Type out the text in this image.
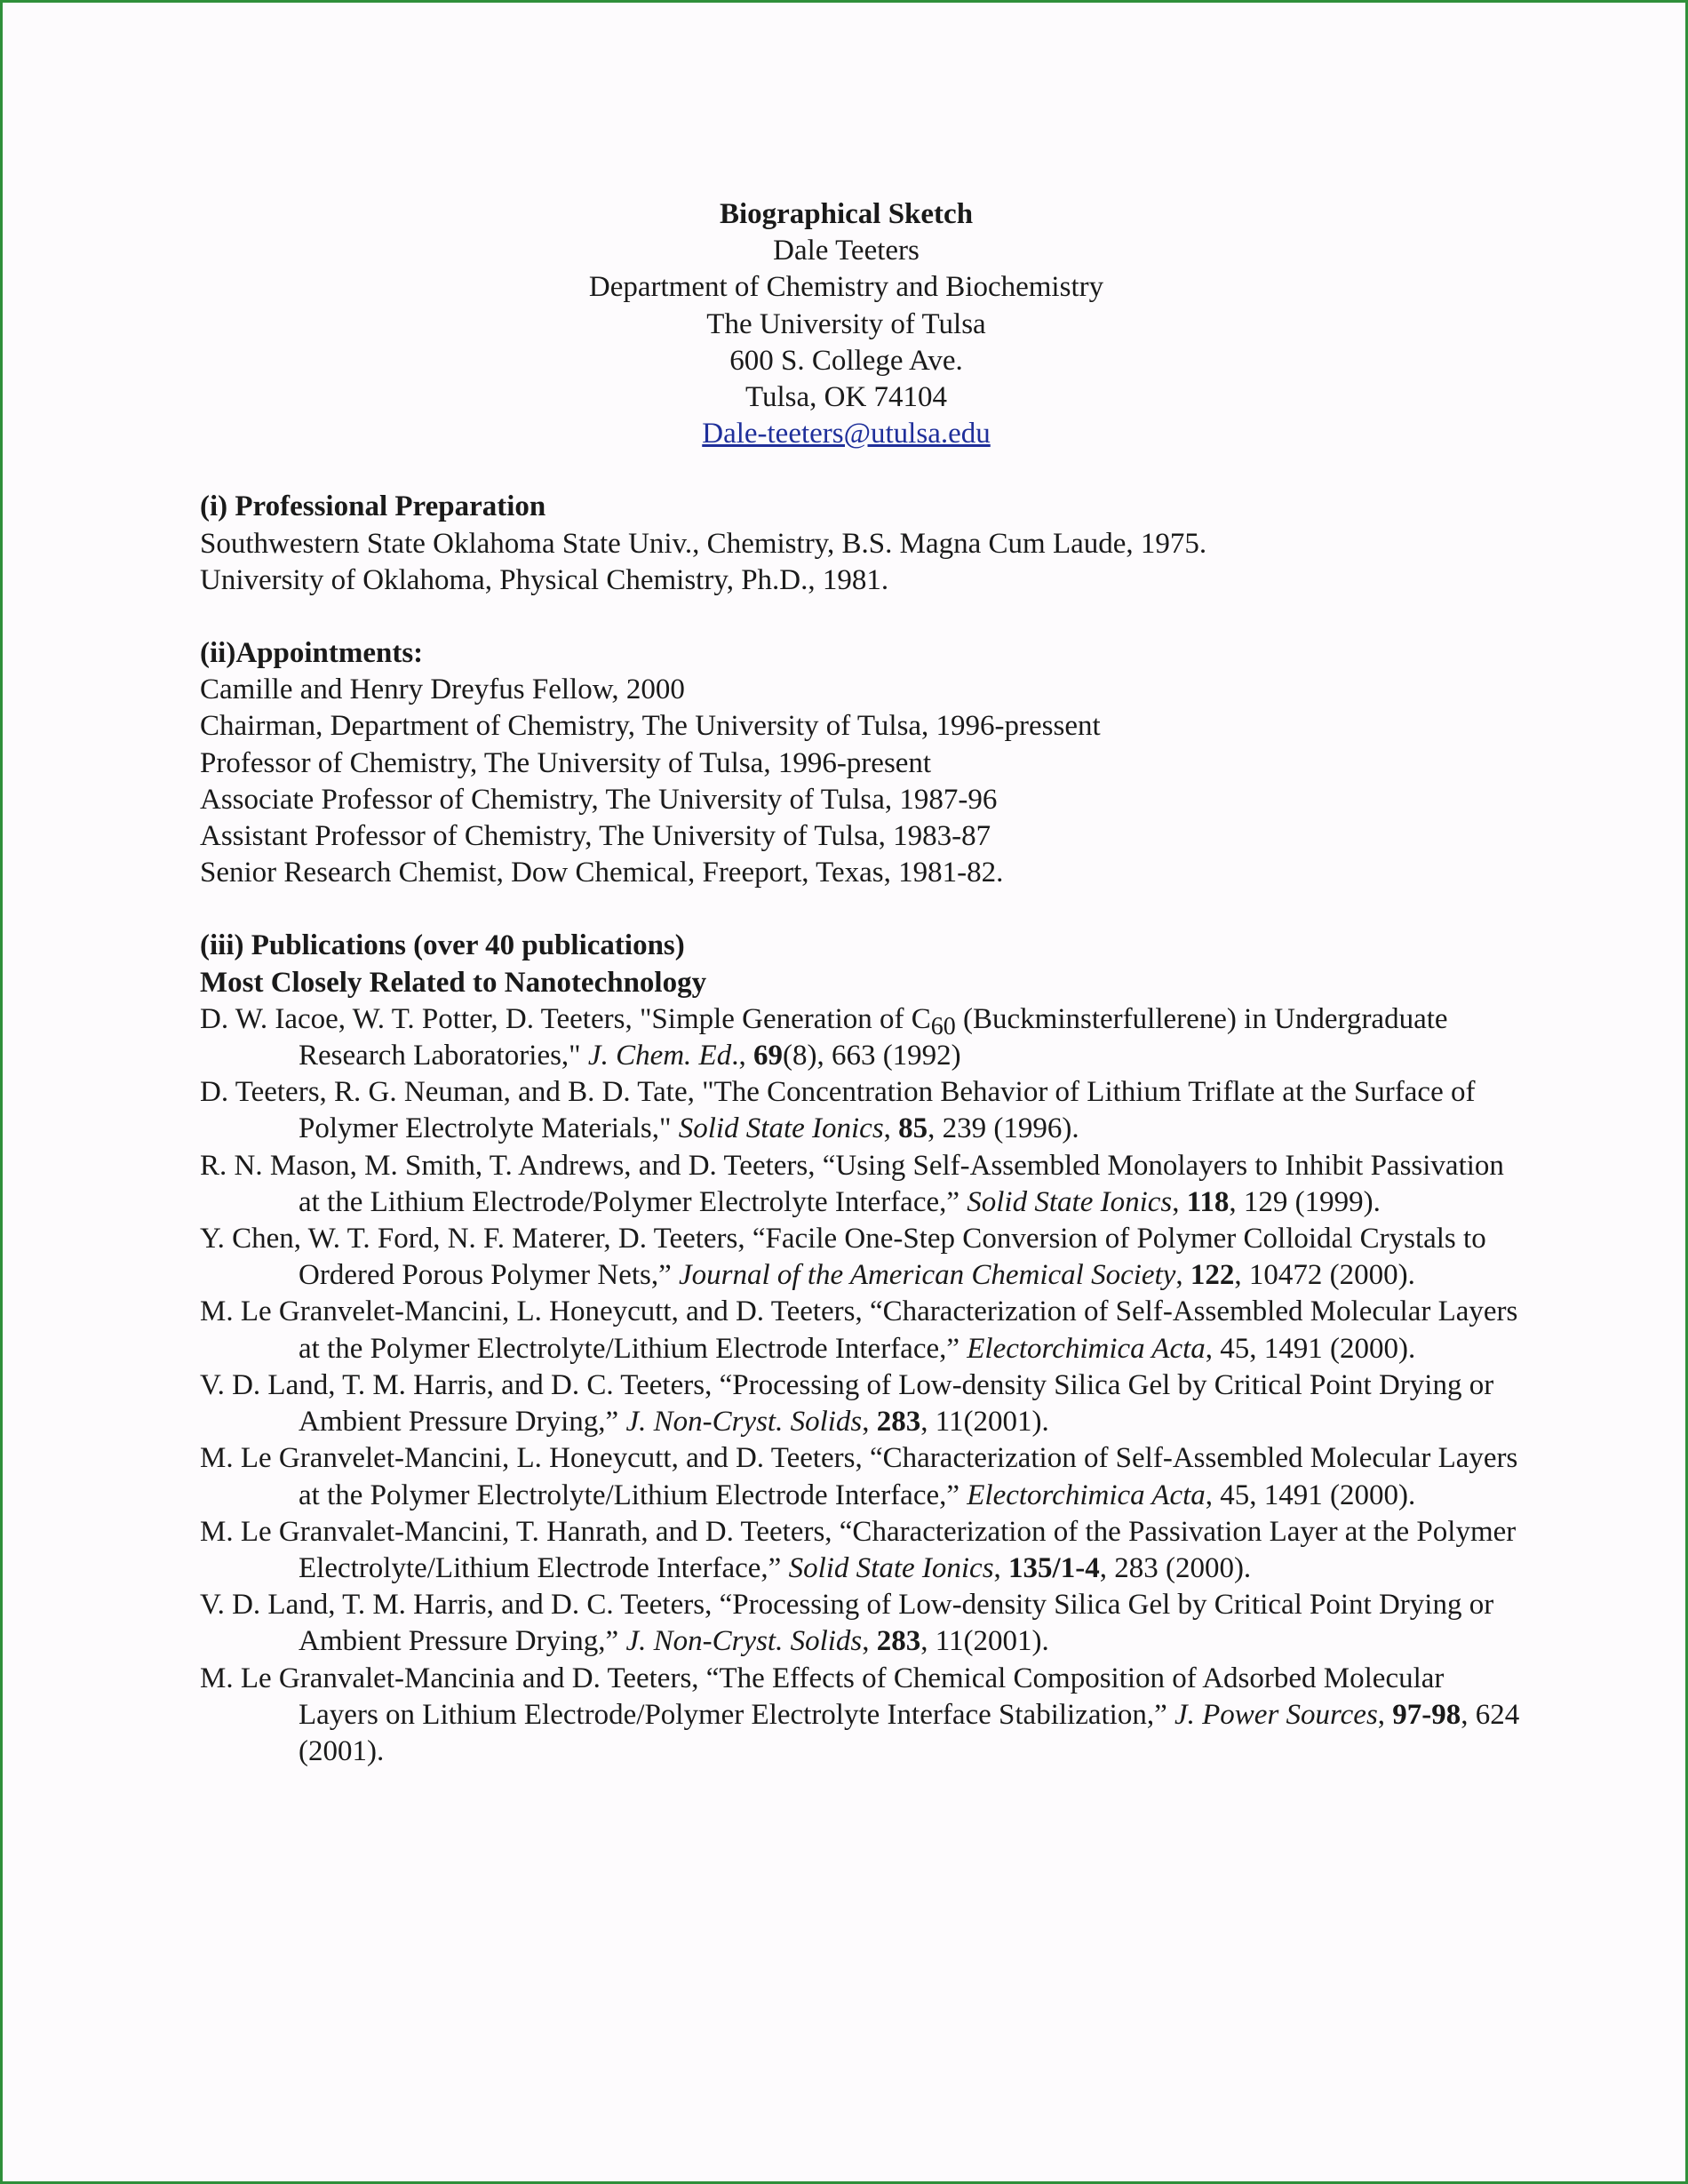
Biographical Sketch
Dale Teeters
Department of Chemistry and Biochemistry
The University of Tulsa
600 S. College Ave.
Tulsa, OK 74104
Dale-teeters@utulsa.edu
(i) Professional Preparation
Southwestern State Oklahoma State Univ., Chemistry, B.S. Magna Cum Laude, 1975.
University of Oklahoma, Physical Chemistry, Ph.D., 1981.
(ii)Appointments:
Camille and Henry Dreyfus Fellow, 2000
Chairman, Department of Chemistry, The University of Tulsa, 1996-pressent
Professor of Chemistry, The University of Tulsa, 1996-present
Associate Professor of Chemistry, The University of Tulsa, 1987-96
Assistant Professor of Chemistry, The University of Tulsa, 1983-87
Senior Research Chemist, Dow Chemical, Freeport, Texas, 1981-82.
(iii) Publications (over 40 publications)
Most Closely Related to Nanotechnology
D. W. Iacoe, W. T. Potter, D. Teeters, "Simple Generation of $C_{60}$ (Buckminsterfullerene) in Undergraduate Research Laboratories," J. Chem. Ed., 69(8), 663 (1992)
D. Teeters, R. G. Neuman, and B. D. Tate, "The Concentration Behavior of Lithium Triflate at the Surface of Polymer Electrolyte Materials," Solid State Ionics, 85, 239 (1996).
R. N. Mason, M. Smith, T. Andrews, and D. Teeters, “Using Self-Assembled Monolayers to Inhibit Passivation at the Lithium Electrode/Polymer Electrolyte Interface,” Solid State Ionics, 118, 129 (1999).
Y. Chen, W. T. Ford, N. F. Materer, D. Teeters, “Facile One-Step Conversion of Polymer Colloidal Crystals to Ordered Porous Polymer Nets,” Journal of the American Chemical Society, 122, 10472 (2000).
M. Le Granvelet-Mancini, L. Honeycutt, and D. Teeters, “Characterization of Self-Assembled Molecular Layers at the Polymer Electrolyte/Lithium Electrode Interface,” Electorchimica Acta, 45, 1491 (2000).
V. D. Land, T. M. Harris, and D. C. Teeters, “Processing of Low-density Silica Gel by Critical Point Drying or Ambient Pressure Drying,” J. Non-Cryst. Solids, 283, 11(2001).
M. Le Granvelet-Mancini, L. Honeycutt, and D. Teeters, “Characterization of Self-Assembled Molecular Layers at the Polymer Electrolyte/Lithium Electrode Interface,” Electorchimica Acta, 45, 1491 (2000).
M. Le Granvalet-Mancini, T. Hanrath, and D. Teeters, “Characterization of the Passivation Layer at the Polymer Electrolyte/Lithium Electrode Interface,” Solid State Ionics, 135/1-4, 283 (2000).
V. D. Land, T. M. Harris, and D. C. Teeters, “Processing of Low-density Silica Gel by Critical Point Drying or Ambient Pressure Drying,” J. Non-Cryst. Solids, 283, 11(2001).
M. Le Granvalet-Mancinia and D. Teeters, “The Effects of Chemical Composition of Adsorbed Molecular Layers on Lithium Electrode/Polymer Electrolyte Interface Stabilization,” J. Power Sources, 97-98, 624 (2001).
